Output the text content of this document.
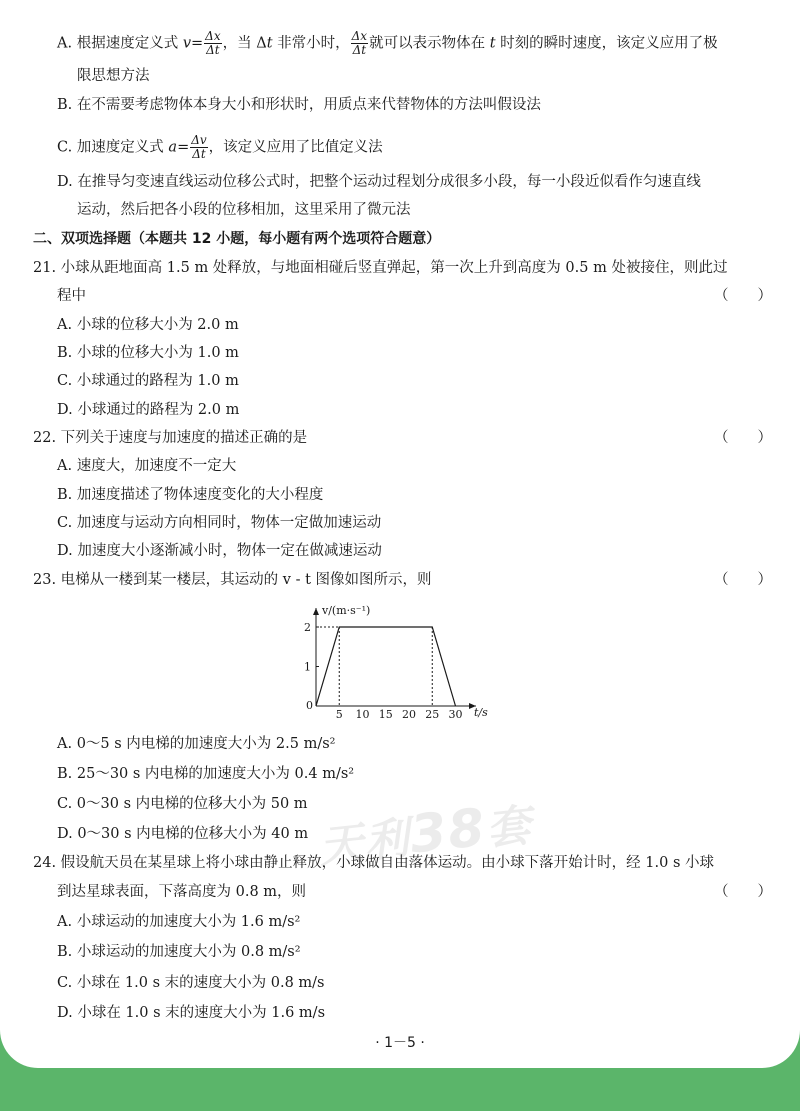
A. 根据速度定义式 $v= \frac{\Delta x}{\Delta t}$ ，当 Δt 非常小时， $\frac{\Delta x}{\Delta t}$ 就可以表示物体在 t 时刻的瞬时速度，该定义应用了极
限思想方法
B. 在不需要考虑物体本身大小和形状时，用质点来代替物体的方法叫假设法
C. 加速度定义式 $a= \frac{\Delta v}{\Delta t}$ ，该定义应用了比值定义法
D. 在推导匀变速直线运动位移公式时，把整个运动过程划分成很多小段，每一小段近似看作匀速直线
运动，然后把各小段的位移相加，这里采用了微元法
二、双项选择题（本题共 12 小题，每小题有两个选项符合题意）
21. 小球从距地面高 1.5 m 处释放，与地面相碰后竖直弹起，第一次上升到高度为 0.5 m 处被接住，则此过
程中	（　　）
A. 小球的位移大小为 2.0 m
B. 小球的位移大小为 1.0 m
C. 小球通过的路程为 1.0 m
D. 小球通过的路程为 2.0 m
22. 下列关于速度与加速度的描述正确的是	（　　）
A. 速度大，加速度不一定大
B. 加速度描述了物体速度变化的大小程度
C. 加速度与运动方向相同时，物体一定做加速运动
D. 加速度大小逐渐减小时，物体一定在做减速运动
23. 电梯从一楼到某一楼层，其运动的 v - t 图像如图所示，则	（　　）
v/(m·s⁻¹)
t/s
0
5 10 15 20 25 30
1
2
A. 0～5 s 内电梯的加速度大小为 2.5 m/s²
B. 25～30 s 内电梯的加速度大小为 0.4 m/s²
C. 0～30 s 内电梯的位移大小为 50 m
D. 0～30 s 内电梯的位移大小为 40 m 天利38套
24. 假设航天员在某星球上将小球由静止释放，小球做自由落体运动。由小球下落开始计时，经 1.0 s 小球
到达星球表面，下落高度为 0.8 m，则	（　　）
A. 小球运动的加速度大小为 1.6 m/s²
B. 小球运动的加速度大小为 0.8 m/s²
C. 小球在 1.0 s 末的速度大小为 0.8 m/s
D. 小球在 1.0 s 末的速度大小为 1.6 m/s
· 1－5 ·
